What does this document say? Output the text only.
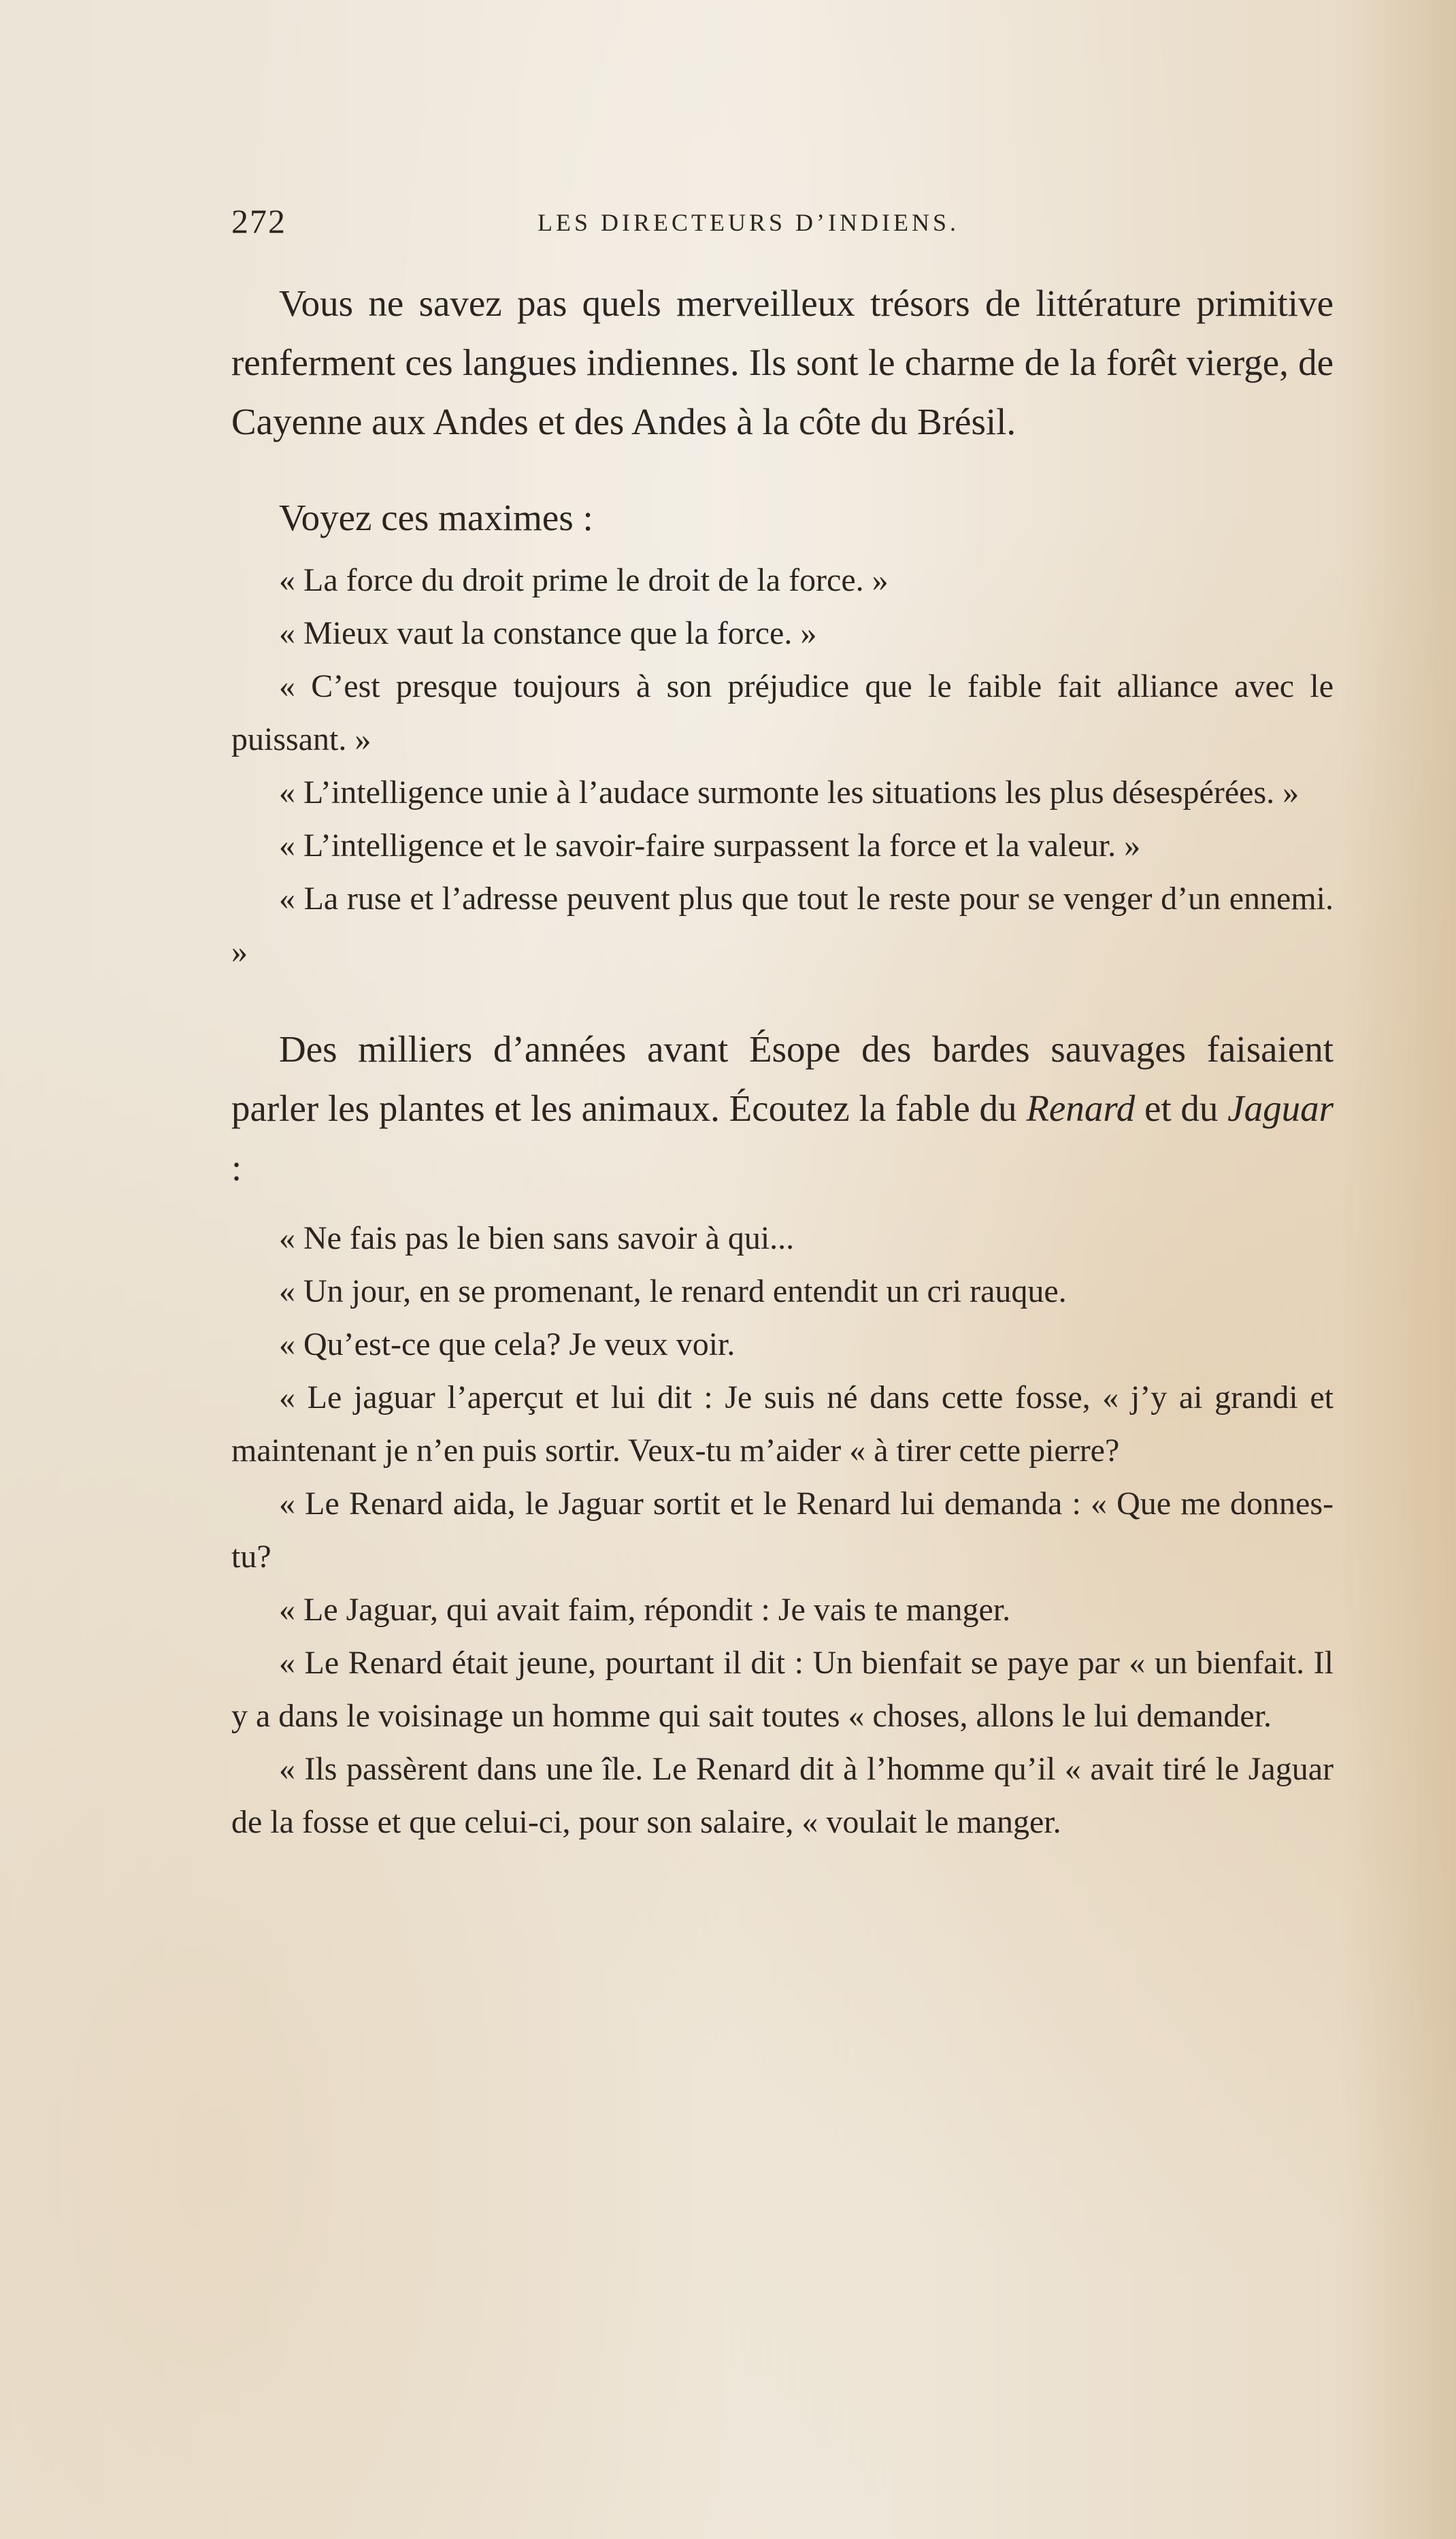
272	LES DIRECTEURS D’INDIENS.

Vous ne savez pas quels merveilleux trésors de littérature primitive renferment ces langues indiennes. Ils sont le charme de la forêt vierge, de Cayenne aux Andes et des Andes à la côte du Brésil.

Voyez ces maximes :

« La force du droit prime le droit de la force. »

« Mieux vaut la constance que la force. »

« C’est presque toujours à son préjudice que le faible fait alliance avec le puissant. »

« L’intelligence unie à l’audace surmonte les situations les plus désespérées. »

« L’intelligence et le savoir-faire surpassent la force et la valeur. »

« La ruse et l’adresse peuvent plus que tout le reste pour se venger d’un ennemi. »

Des milliers d’années avant Ésope des bardes sauvages faisaient parler les plantes et les animaux. Écoutez la fable du Renard et du Jaguar :

« Ne fais pas le bien sans savoir à qui...

« Un jour, en se promenant, le renard entendit un cri rauque.

« Qu’est-ce que cela? Je veux voir.

« Le jaguar l’aperçut et lui dit : Je suis né dans cette fosse, « j’y ai grandi et maintenant je n’en puis sortir. Veux-tu m’aider « à tirer cette pierre?

« Le Renard aida, le Jaguar sortit et le Renard lui demanda : « Que me donnes-tu?

« Le Jaguar, qui avait faim, répondit : Je vais te manger.

« Le Renard était jeune, pourtant il dit : Un bienfait se paye par « un bienfait. Il y a dans le voisinage un homme qui sait toutes « choses, allons le lui demander.

« Ils passèrent dans une île. Le Renard dit à l’homme qu’il « avait tiré le Jaguar de la fosse et que celui-ci, pour son salaire, « voulait le manger.
